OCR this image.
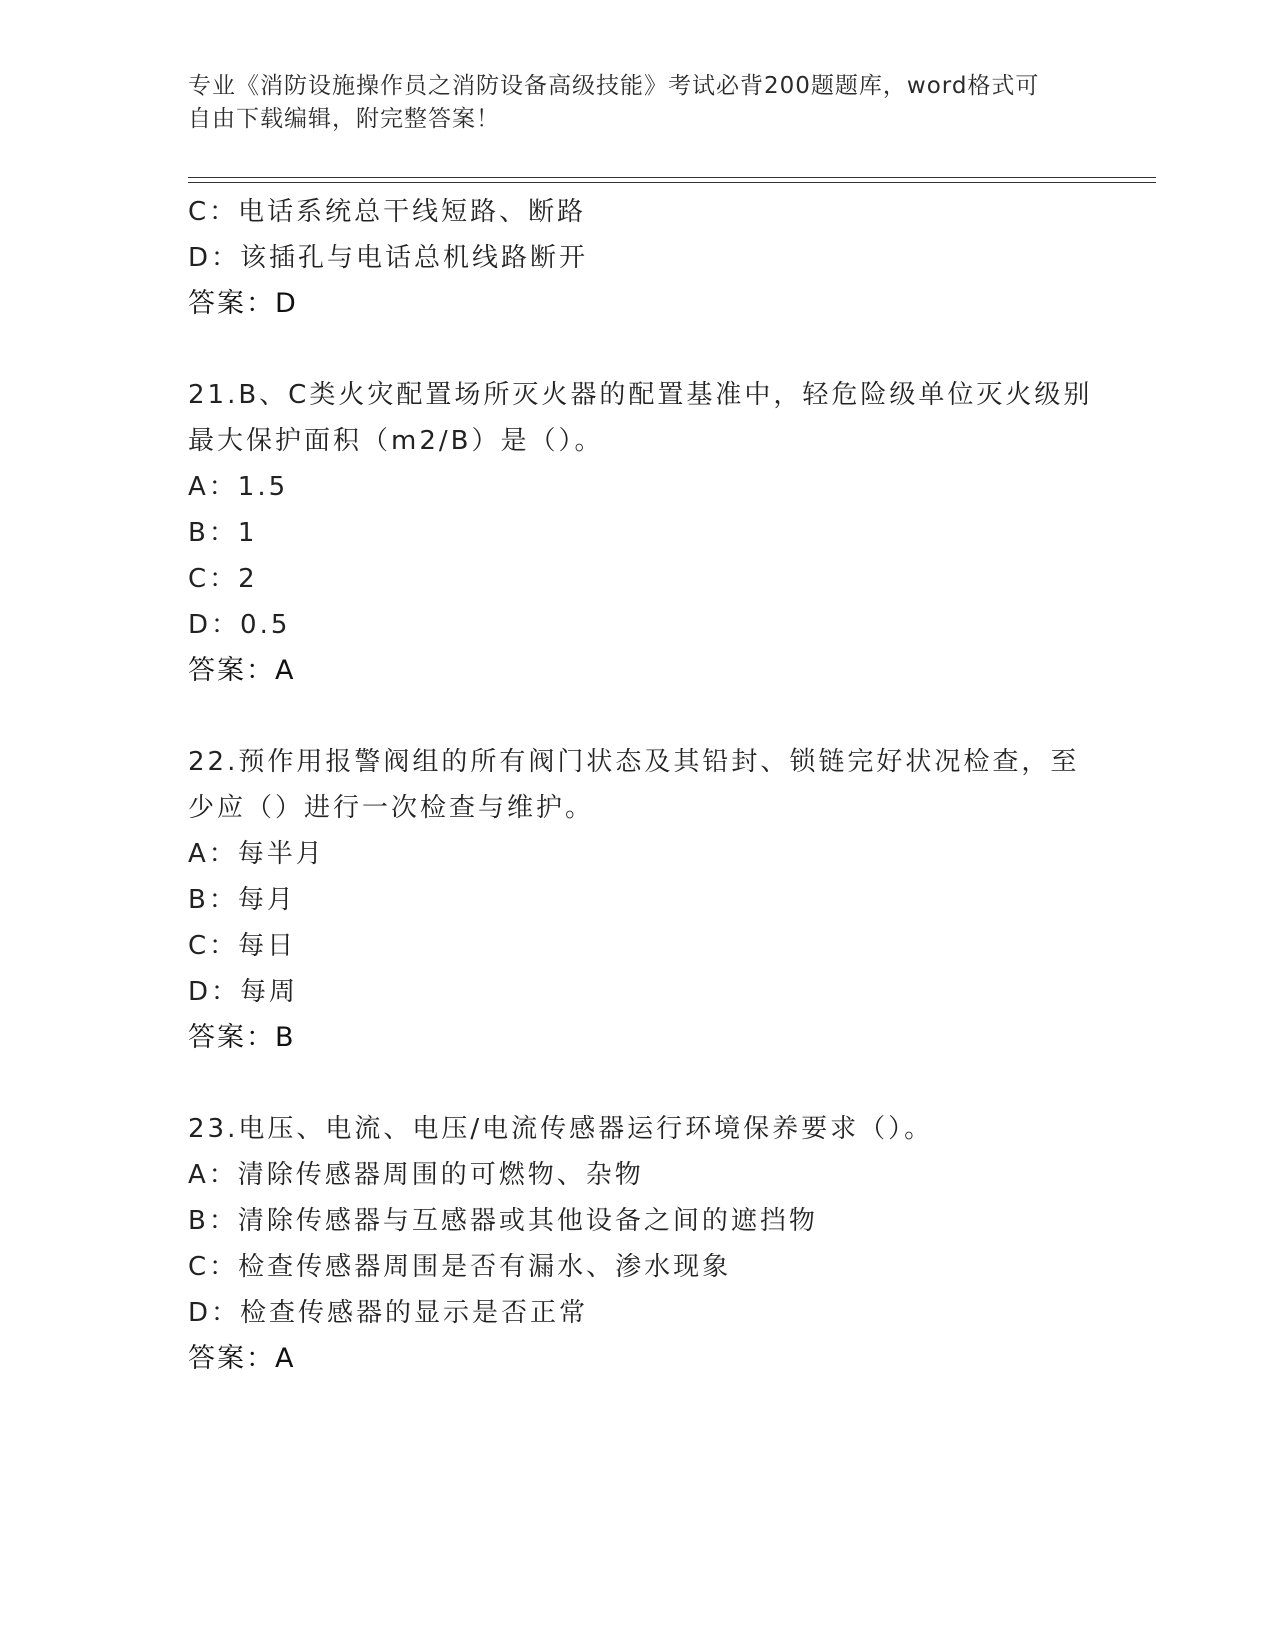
专业《消防设施操作员之消防设备高级技能》考试必背200题题库，word格式可
自由下载编辑，附完整答案！
C：电话系统总干线短路、断路
D：该插孔与电话总机线路断开
答案：D
21.B、C类火灾配置场所灭火器的配置基准中，轻危险级单位灭火级别
最大保护面积（m2/B）是（）。
A：1.5
B：1
C：2
D：0.5
答案：A
22.预作用报警阀组的所有阀门状态及其铅封、锁链完好状况检查，至
少应（）进行一次检查与维护。
A：每半月
B：每月
C：每日
D：每周
答案：B
23.电压、电流、电压/电流传感器运行环境保养要求（）。
A：清除传感器周围的可燃物、杂物
B：清除传感器与互感器或其他设备之间的遮挡物
C：检查传感器周围是否有漏水、渗水现象
D：检查传感器的显示是否正常
答案：A
